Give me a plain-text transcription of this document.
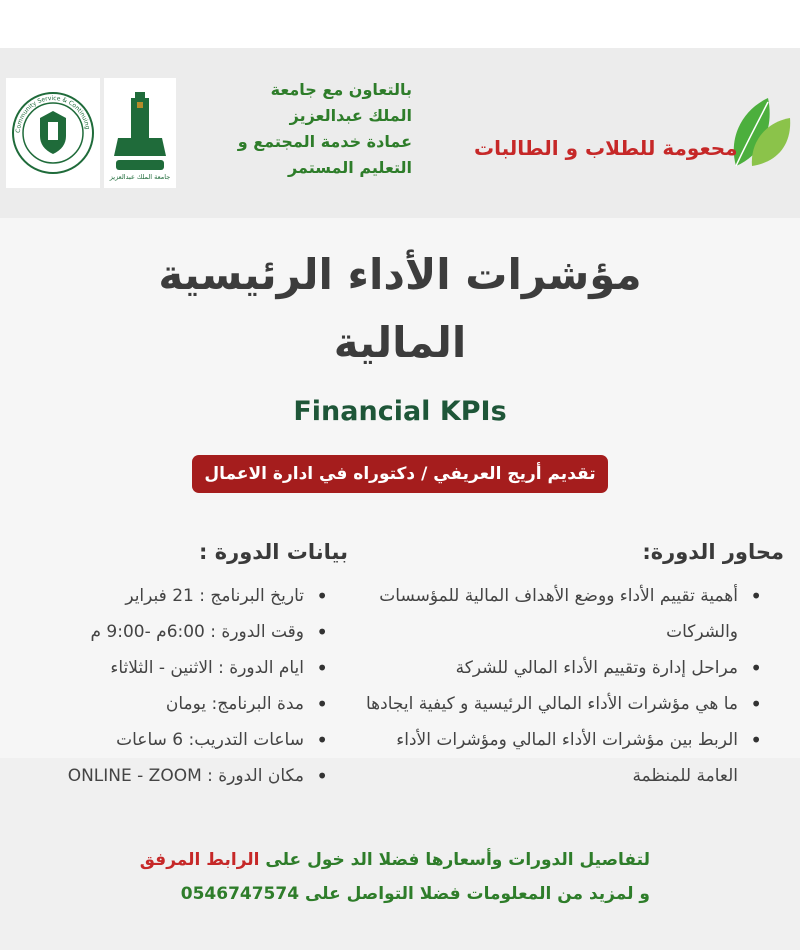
Community Service & Continuing
جامعة الملك عبدالعزيز
بالتعاون مع جامعة
الملك عبدالعزيز
عمادة خدمة المجتمع و
التعليم المستمر
محعومة للطلاب و الطالبات
مؤشرات الأداء الرئيسية
المالية
Financial KPIs
تقديم أريج العريفي / دكتوراه في ادارة الاعمال
محاور الدورة:
• أهمية تقييم الأداء ووضع الأهداف المالية للمؤسسات والشركات
• مراحل إدارة وتقييم الأداء المالي للشركة
• ما هي مؤشرات الأداء المالي الرئيسية و كيفية ايجادها
• الربط بين مؤشرات الأداء المالي ومؤشرات الأداء العامة للمنظمة
بيانات الدورة :
• تاريخ البرنامج : 21 فبراير
• وقت الدورة : 6:00م -9:00 م
• ايام الدورة : الاثنين - الثلاثاء
• مدة البرنامج: يومان
• ساعات التدريب: 6 ساعات
• مكان الدورة : ONLINE - ZOOM
لتفاصيل الدورات وأسعارها فضلا الد خول على الرابط المرفق
و لمزيد من المعلومات فضلا التواصل على 0546747574
